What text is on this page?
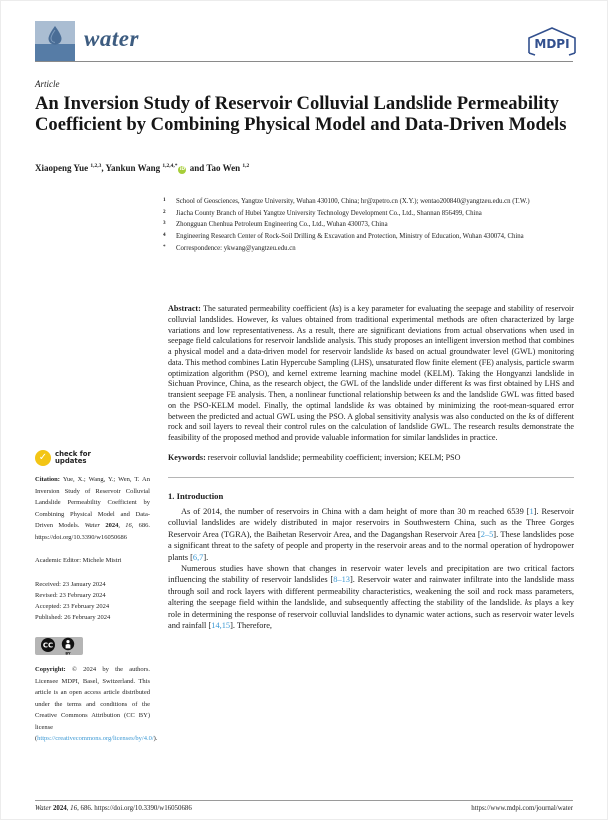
water	MDPI
Article
An Inversion Study of Reservoir Colluvial Landslide Permeability Coefficient by Combining Physical Model and Data-Driven Models
Xiaopeng Yue $^{1,2,3}$, Yankun Wang $^{1,2,4,*}$iD and Tao Wen $^{1,2}$
1	School of Geosciences, Yangtze University, Wuhan 430100, China; hr@zpetro.cn (X.Y.); wentao200840@yangtzeu.edu.cn (T.W.)
2	Jiacha County Branch of Hubei Yangtze University Technology Development Co., Ltd., Shannan 856499, China
3	Zhongguan Chenhua Petroleum Engineering Co., Ltd., Wuhan 430073, China
4	Engineering Research Center of Rock-Soil Drilling & Excavation and Protection, Ministry of Education, Wuhan 430074, China
*	Correspondence: ykwang@yangtzeu.edu.cn

Abstract: The saturated permeability coefficient (ks) is a key parameter for evaluating the seepage and stability of reservoir colluvial landslides. However, ks values obtained from traditional experimental methods are often characterized by large variations and low representativeness. As a result, there are significant deviations from actual observations when used in seepage field calculations for reservoir landslide analysis. This study proposes an intelligent inversion method that combines a physical model and a data-driven model for reservoir landslide ks based on actual groundwater level (GWL) monitoring data. This method combines Latin Hypercube Sampling (LHS), unsaturated flow finite element (FE) analysis, particle swarm optimization algorithm (PSO), and kernel extreme learning machine model (KELM). Taking the Hongyanzi landslide in Sichuan Province, China, as the research object, the GWL of the landslide under different ks was first obtained by LHS and transient seepage FE analysis. Then, a nonlinear functional relationship between ks and the landslide GWL was fitted based on the PSO-KELM model. Finally, the optimal landslide ks was obtained by minimizing the root-mean-squared error between the predicted and actual GWL using the PSO. A global sensitivity analysis was also conducted on the ks of different rock and soil layers to reveal their control rules on the calculation of landslide GWL. The research results demonstrate the feasibility of the proposed method and provide valuable information for similar landslides in practice.

Keywords: reservoir colluvial landslide; permeability coefficient; inversion; KELM; PSO

1. Introduction

As of 2014, the number of reservoirs in China with a dam height of more than 30 m reached 6539 [1]. Reservoir colluvial landslides are widely distributed in major reservoirs in Southwestern China, such as the Three Gorges Reservoir Area (TGRA), the Baihetan Reservoir Area, and the Dagangshan Reservoir Area [2–5]. These landslides pose a significant threat to the safety of people and property in the reservoir areas and to the normal operation of hydropower plants [6,7].

Numerous studies have shown that changes in reservoir water levels and precipitation are two critical factors influencing the stability of reservoir landslides [8–13]. Reservoir water and rainwater infiltrate into the landslide mass through soil and rock layers with different permeability characteristics, weakening the soil and rock mass parameters, altering the seepage field within the landslide, and subsequently affecting the stability of the landslide. ks plays a key role in determining the response of reservoir colluvial landslides to dynamic water actions, such as reservoir water levels and rainfall [14,15]. Therefore,

✓	check for
updates
Citation: Yue, X.; Wang, Y.; Wen, T. An Inversion Study of Reservoir Colluvial Landslide Permeability Coefficient by Combining Physical Model and Data-Driven Models. Water 2024, 16, 686. https://doi.org/10.3390/w16050686
Academic Editor: Michele Mistri
Received: 23 January 2024
Revised: 23 February 2024
Accepted: 23 February 2024
Published: 26 February 2024
CC
BY
Copyright: © 2024 by the authors. Licensee MDPI, Basel, Switzerland. This article is an open access article distributed under the terms and conditions of the Creative Commons Attribution (CC BY) license (https://creativecommons.org/licenses/by/4.0/).
Water 2024, 16, 686. https://doi.org/10.3390/w16050686	https://www.mdpi.com/journal/water
